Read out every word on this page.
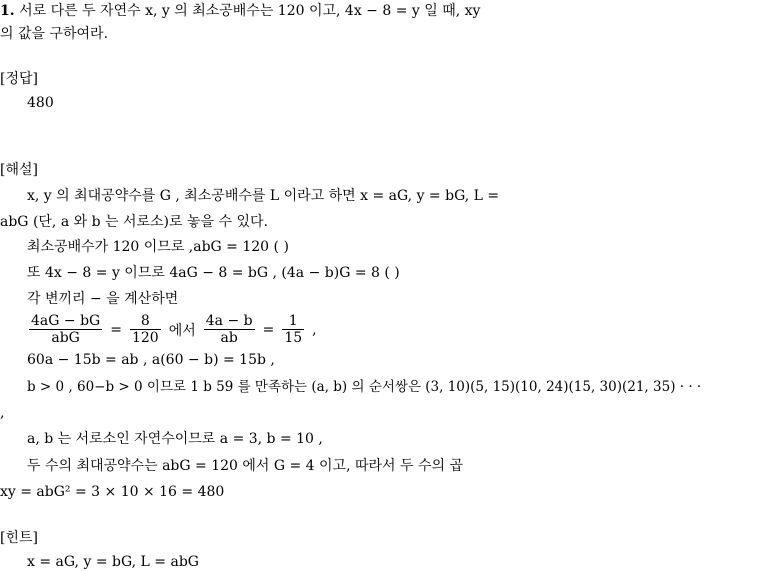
1. 서로 다른 두 자연수 x, y 의 최소공배수는 120 이고, 4x − 8 = y 일 때, xy
의 값을 구하여라.
[정답]
480
[해설]
x, y 의 최대공약수를 G , 최소공배수를 L 이라고 하면 x = aG, y = bG, L =
abG (단, a 와 b 는 서로소)로 놓을 수 있다.
최소공배수가 120 이므로 ,abG = 120 ( )
또 4x − 8 = y 이므로 4aG − 8 = bG , (4a − b)G = 8 ( )
각 변끼리 − 을 계산하면
$\frac{4aG - bG}{\text{abG}} = \frac{8}{120}$ 에서 $\frac{4a - b}{ab} = \frac{1}{15}$ ,
60a − 15b = ab , a(60 − b) = 15b ,
b > 0 , 60−b > 0 이므로 1 b 59 를 만족하는 (a, b) 의 순서쌍은 (3, 10)(5, 15)(10, 24)(15, 30)(21, 35) · · ·
,
a, b 는 서로소인 자연수이므로 a = 3, b = 10 ,
두 수의 최대공약수는 abG = 120 에서 G = 4 이고, 따라서 두 수의 곱
xy = abG² = 3 × 10 × 16 = 480
[힌트]
x = aG, y = bG, L = abG
